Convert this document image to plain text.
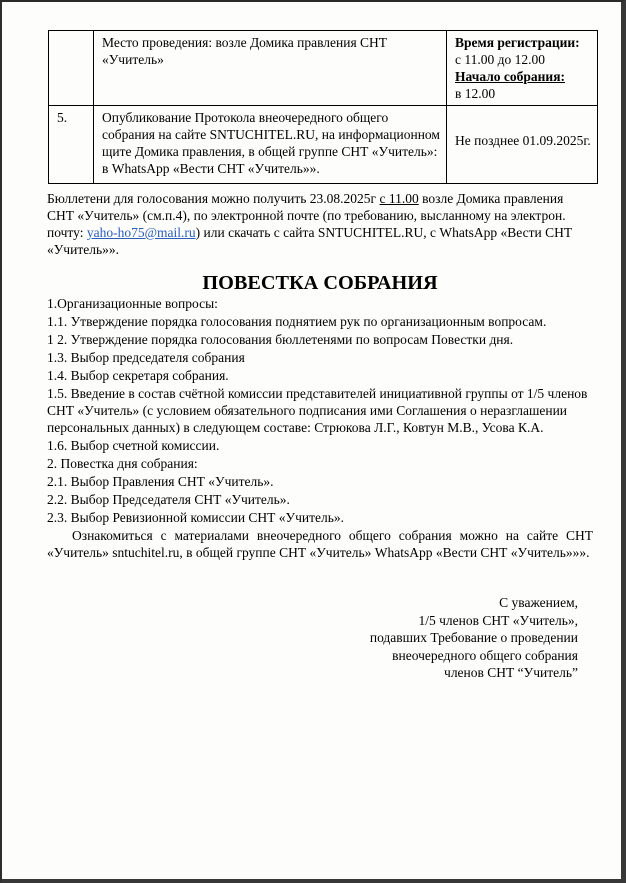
	Место проведения: возле Домика правления СНТ «Учитель»	Время регистрации:
с 11.00 до 12.00
Начало собрания:
в 12.00

5.	Опубликование Протокола внеочередного общего собрания на сайте SNTUCHITEL.RU, на информационном щите Домика правления, в общей группе СНТ «Учитель»: в WhatsApp «Вести СНТ «Учитель»».	Не позднее 01.09.2025г.

Бюллетени для голосования можно получить 23.08.2025г с 11.00 возле Домика правления СНТ «Учитель» (см.п.4), по электронной почте (по требованию, высланному на электрон. почту: yaho-ho75@mail.ru) или скачать с сайта SNTUCHITEL.RU, с WhatsApp «Вести СНТ «Учитель»».

ПОВЕСТКА СОБРАНИЯ
1.Организационные вопросы:
1.1. Утверждение порядка голосования поднятием рук по организационным вопросам.
1 2. Утверждение порядка голосования бюллетенями по вопросам Повестки дня.
1.3. Выбор председателя собрания
1.4. Выбор секретаря собрания.
1.5. Введение в состав счётной комиссии представителей инициативной группы от 1/5 членов СНТ «Учитель» (с условием обязательного подписания ими Соглашения о неразглашении персональных данных) в следующем составе: Стрюкова Л.Г., Ковтун М.В., Усова К.А.
1.6. Выбор счетной комиссии.
2. Повестка дня собрания:
2.1. Выбор Правления СНТ «Учитель».
2.2. Выбор Председателя СНТ «Учитель».
2.3. Выбор Ревизионной комиссии СНТ «Учитель».

Ознакомиться с материалами внеочередного общего собрания можно на сайте СНТ «Учитель» sntuchitel.ru, в общей группе СНТ «Учитель» WhatsApp «Вести СНТ «Учитель»»».

С уважением,
1/5 членов СНТ «Учитель»,
подавших Требование о проведении
внеочередного общего собрания
членов СНТ “Учитель”
